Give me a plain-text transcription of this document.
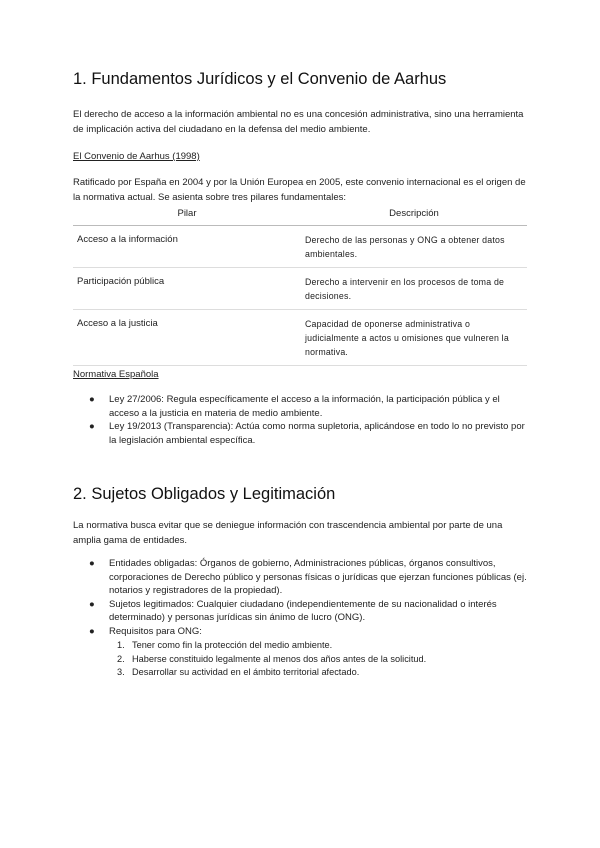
1. Fundamentos Jurídicos y el Convenio de Aarhus

El derecho de acceso a la información ambiental no es una concesión administrativa, sino una herramienta de implicación activa del ciudadano en la defensa del medio ambiente.

El Convenio de Aarhus (1998)

Ratificado por España en 2004 y por la Unión Europea en 2005, este convenio internacional es el origen de la normativa actual. Se asienta sobre tres pilares fundamentales:

Pilar	Descripción
Acceso a la información	Derecho de las personas y ONG a obtener datos ambientales.
Participación pública	Derecho a intervenir en los procesos de toma de decisiones.
Acceso a la justicia	Capacidad de oponerse administrativa o judicialmente a actos u omisiones que vulneren la normativa.

Normativa Española

● Ley 27/2006: Regula específicamente el acceso a la información, la participación pública y el acceso a la justicia en materia de medio ambiente.
● Ley 19/2013 (Transparencia): Actúa como norma supletoria, aplicándose en todo lo no previsto por la legislación ambiental específica.
2. Sujetos Obligados y Legitimación

La normativa busca evitar que se deniegue información con trascendencia ambiental por parte de una amplia gama de entidades.

● Entidades obligadas: Órganos de gobierno, Administraciones públicas, órganos consultivos, corporaciones de Derecho público y personas físicas o jurídicas que ejerzan funciones públicas (ej. notarios y registradores de la propiedad).
● Sujetos legitimados: Cualquier ciudadano (independientemente de su nacionalidad o interés determinado) y personas jurídicas sin ánimo de lucro (ONG).
● Requisitos para ONG:
1. Tener como fin la protección del medio ambiente.
2. Haberse constituido legalmente al menos dos años antes de la solicitud.
3. Desarrollar su actividad en el ámbito territorial afectado.
